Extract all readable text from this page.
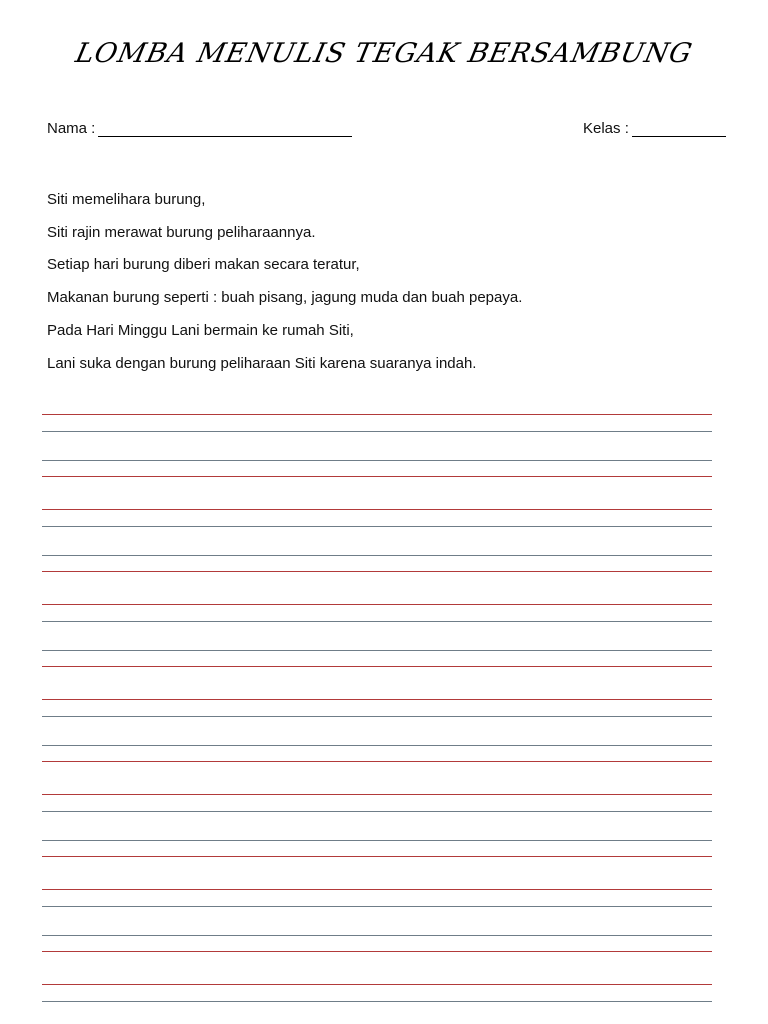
LOMBA MENULIS TEGAK BERSAMBUNG
Nama :	Kelas :
Siti memelihara burung,
Siti rajin merawat burung peliharaannya.
Setiap hari burung diberi makan secara teratur,
Makanan burung seperti : buah pisang, jagung muda dan buah pepaya.
Pada Hari Minggu Lani bermain ke rumah Siti,
Lani suka dengan burung peliharaan Siti karena suaranya indah.
